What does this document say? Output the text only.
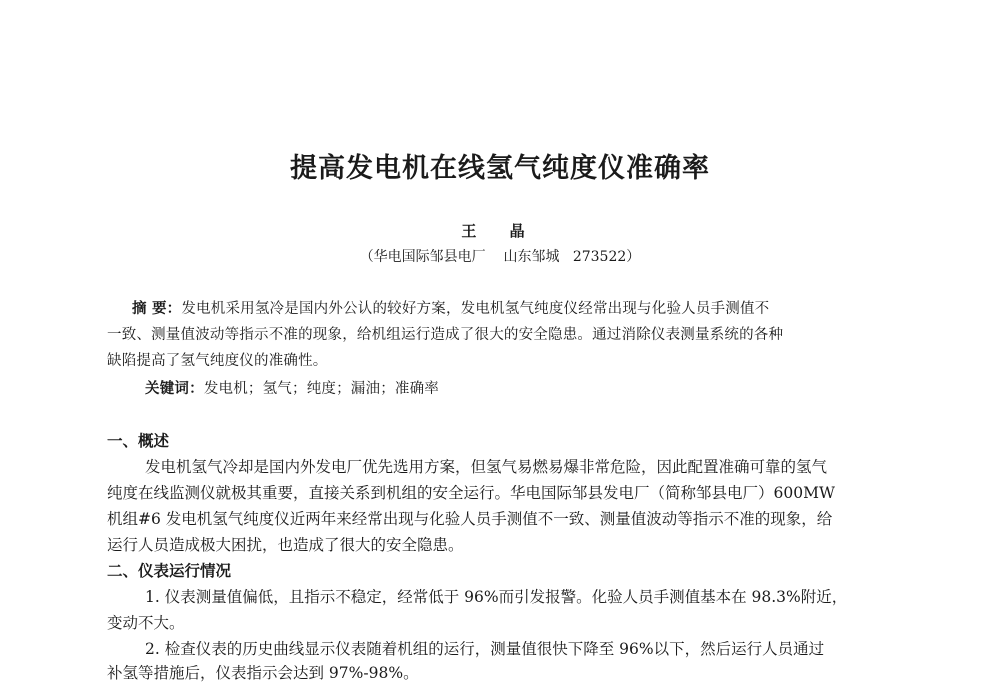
提高发电机在线氢气纯度仪准确率
王 晶
（华电国际邹县电厂    山东邹城   273522）
摘 要：发电机采用氢冷是国内外公认的较好方案，发电机氢气纯度仪经常出现与化验人员手测值不
一致、测量值波动等指示不准的现象，给机组运行造成了很大的安全隐患。通过消除仪表测量系统的各种
缺陷提高了氢气纯度仪的准确性。
关键词：发电机；氢气；纯度；漏油；准确率
一、概述
发电机氢气冷却是国内外发电厂优先选用方案，但氢气易燃易爆非常危险，因此配置准确可靠的氢气
纯度在线监测仪就极其重要，直接关系到机组的安全运行。华电国际邹县发电厂（简称邹县电厂）600MW
机组#6 发电机氢气纯度仪近两年来经常出现与化验人员手测值不一致、测量值波动等指示不准的现象，给
运行人员造成极大困扰，也造成了很大的安全隐患。
二、仪表运行情况
1. 仪表测量值偏低，且指示不稳定，经常低于 96%而引发报警。化验人员手测值基本在 98.3%附近，
变动不大。
2. 检查仪表的历史曲线显示仪表随着机组的运行，测量值很快下降至 96%以下，然后运行人员通过
补氢等措施后，仪表指示会达到 97%-98%。
